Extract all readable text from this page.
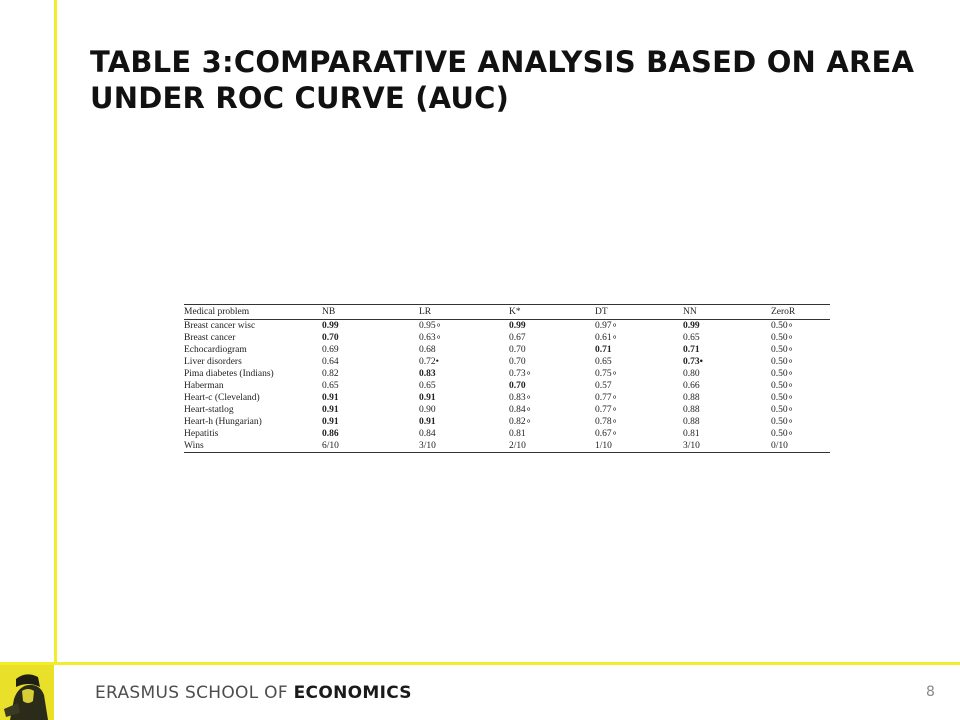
TABLE 3:COMPARATIVE ANALYSIS BASED ON AREA UNDER ROC CURVE (AUC)
Medical problem	NB	LR	K*	DT	NN	ZeroR
Breast cancer wisc	0.99	0.95∘	0.99	0.97∘	0.99	0.50∘
Breast cancer	0.70	0.63∘	0.67	0.61∘	0.65	0.50∘
Echocardiogram	0.69	0.68	0.70	0.71	0.71	0.50∘
Liver disorders	0.64	0.72•	0.70	0.65	0.73•	0.50∘
Pima diabetes (Indians)	0.82	0.83	0.73∘	0.75∘	0.80	0.50∘
Haberman	0.65	0.65	0.70	0.57	0.66	0.50∘
Heart-c (Cleveland)	0.91	0.91	0.83∘	0.77∘	0.88	0.50∘
Heart-statlog	0.91	0.90	0.84∘	0.77∘	0.88	0.50∘
Heart-h (Hungarian)	0.91	0.91	0.82∘	0.78∘	0.88	0.50∘
Hepatitis	0.86	0.84	0.81	0.67∘	0.81	0.50∘
Wins	6/10	3/10	2/10	1/10	3/10	0/10
ERASMUS SCHOOL OF ECONOMICS	8
